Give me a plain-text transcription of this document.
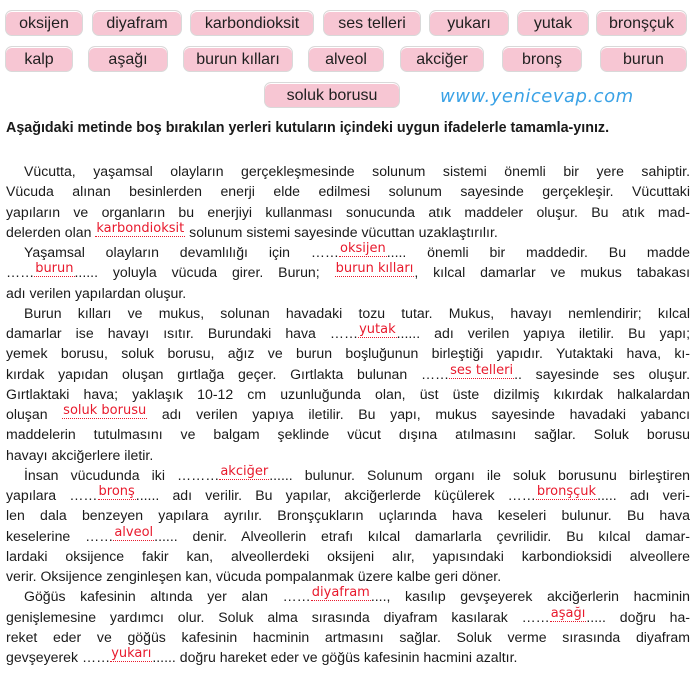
oksijen	diyafram	karbondioksit	ses telleri	yukarı	yutak	bronşçuk
kalp	aşağı	burun kılları	alveol	akciğer	bronş	burun
soluk borusu	www.yenicevap.com
Aşağıdaki metinde boş bırakılan yerleri kutuların içindeki uygun ifadelerle tamamla-yınız.
Vücutta, yaşamsal olayların gerçekleşmesinde solunum sistemi önemli bir yere sahiptir.
Vücuda alınan besinlerden enerji elde edilmesi solunum sayesinde gerçekleşir. Vücuttaki
yapıların ve organların bu enerjiyi kullanması sonucunda atık maddeler oluşur. Bu atık mad-
delerden olan karbondioksit solunum sistemi sayesinde vücuttan uzaklaştırılır.
Yaşamsal olayların devamlılığı için ……oksijen..... önemli bir maddedir. Bu madde
……burun...... yoluyla vücuda girer. Burun; burun kılları, kılcal damarlar ve mukus tabakası
adı verilen yapılardan oluşur.
Burun kılları ve mukus, solunan havadaki tozu tutar. Mukus, havayı nemlendirir; kılcal
damarlar ise havayı ısıtır. Burundaki hava ……yutak...... adı verilen yapıya iletilir. Bu yapı;
yemek borusu, soluk borusu, ağız ve burun boşluğunun birleştiği yapıdır. Yutaktaki hava, kı-
kırdak yapıdan oluşan gırtlağa geçer. Gırtlakta bulunan ……ses telleri.. sayesinde ses oluşur.
Gırtlaktaki hava; yaklaşık 10-12 cm uzunluğunda olan, üst üste dizilmiş kıkırdak halkalardan
oluşan soluk borusu adı verilen yapıya iletilir. Bu yapı, mukus sayesinde havadaki yabancı
maddelerin tutulmasını ve balgam şeklinde vücut dışına atılmasını sağlar. Soluk borusu
havayı akciğerlere iletir.
İnsan vücudunda iki ………akciğer...... bulunur. Solunum organı ile soluk borusunu birleştiren
yapılara ……bronş...... adı verilir. Bu yapılar, akciğerlerde küçülerek ……bronşçuk..... adı veri-
len dala benzeyen yapılara ayrılır. Bronşçukların uçlarında hava keseleri bulunur. Bu hava
keselerine ……alveol...... denir. Alveollerin etrafı kılcal damarlarla çevrilidir. Bu kılcal damar-
lardaki oksijence fakir kan, alveollerdeki oksijeni alır, yapısındaki karbondioksidi alveollere
verir. Oksijence zenginleşen kan, vücuda pompalanmak üzere kalbe geri döner.
Göğüs kafesinin altında yer alan ……diyafram...., kasılıp gevşeyerek akciğerlerin hacminin
genişlemesine yardımcı olur. Soluk alma sırasında diyafram kasılarak ……aşağı..... doğru ha-
reket eder ve göğüs kafesinin hacminin artmasını sağlar. Soluk verme sırasında diyafram
gevşeyerek ……yukarı...... doğru hareket eder ve göğüs kafesinin hacmini azaltır.
